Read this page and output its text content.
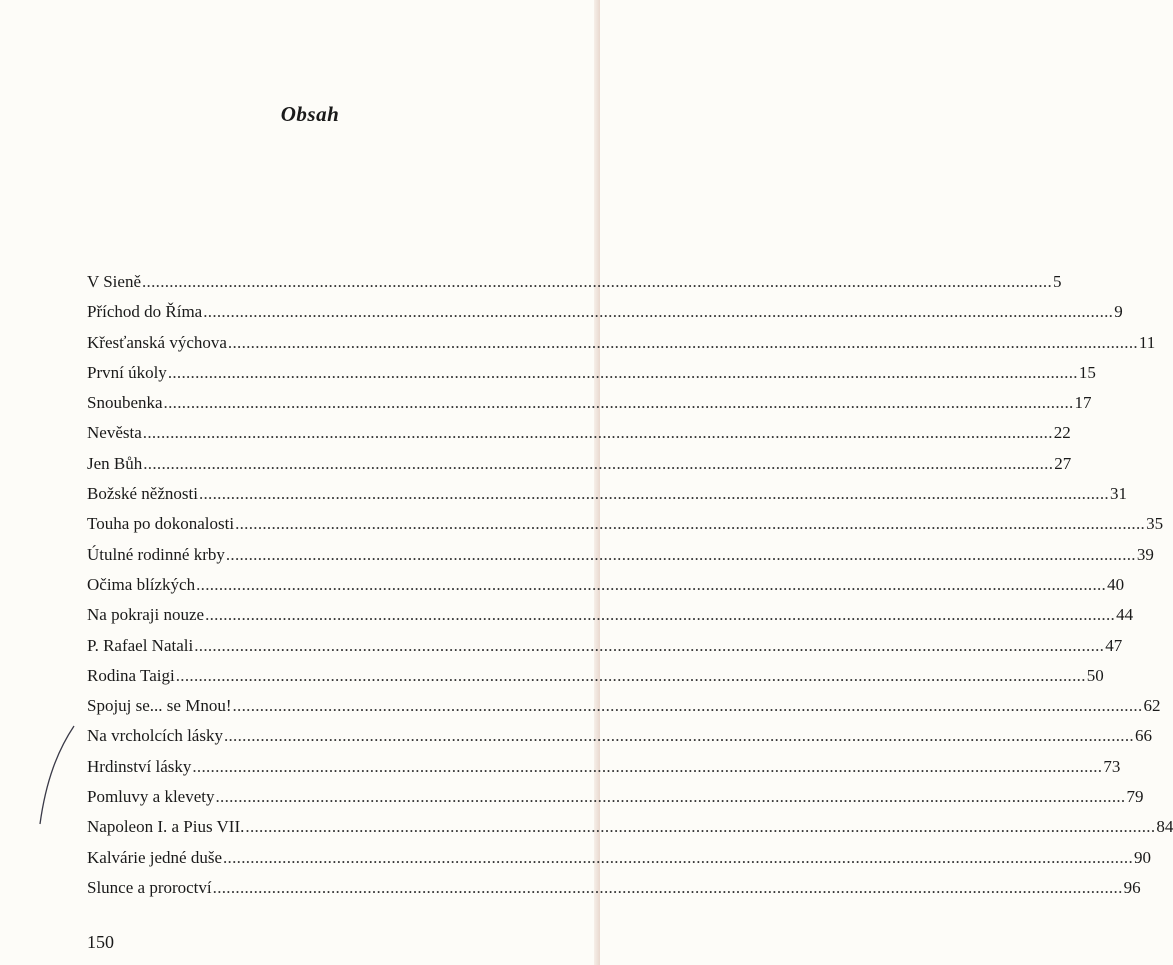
Obsah
V Sieně ........................................................................................................................................................................................................ 5
Příchod do Říma ........................................................................................................................................................................................................ 9
Křesťanská výchova ........................................................................................................................................................................................................ 11
První úkoly ........................................................................................................................................................................................................ 15
Snoubenka ........................................................................................................................................................................................................ 17
Nevěsta ........................................................................................................................................................................................................ 22
Jen Bůh ........................................................................................................................................................................................................ 27
Božské něžnosti ........................................................................................................................................................................................................ 31
Touha po dokonalosti ........................................................................................................................................................................................................ 35
Útulné rodinné krby ........................................................................................................................................................................................................ 39
Očima blízkých ........................................................................................................................................................................................................ 40
Na pokraji nouze ........................................................................................................................................................................................................ 44
P. Rafael Natali ........................................................................................................................................................................................................ 47
Rodina Taigi ........................................................................................................................................................................................................ 50
Spojuj se... se Mnou! ........................................................................................................................................................................................................ 62
Na vrcholcích lásky ........................................................................................................................................................................................................ 66
Hrdinství lásky ........................................................................................................................................................................................................ 73
Pomluvy a klevety ........................................................................................................................................................................................................ 79
Napoleon I. a Pius VII. ........................................................................................................................................................................................................ 84
Kalvárie jedné duše ........................................................................................................................................................................................................ 90
Slunce a proroctví ........................................................................................................................................................................................................ 96
150
